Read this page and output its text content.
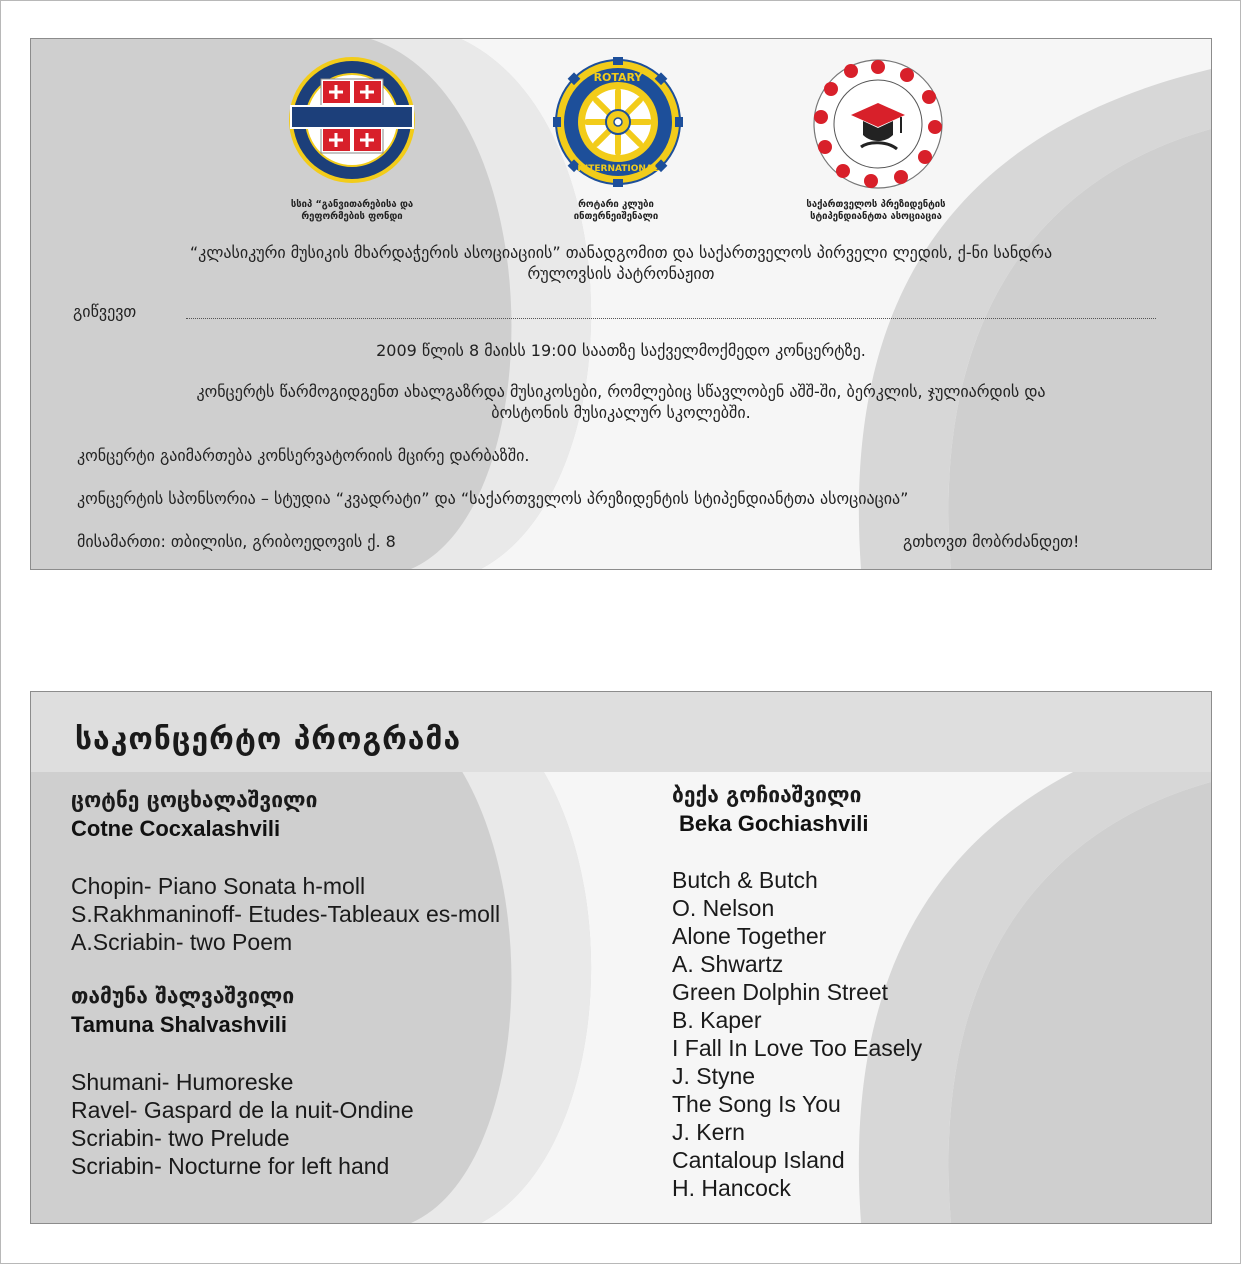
სსიპ “განვითარებისა და
რეფორმების ფონდი
ROTARY
INTERNATIONAL
როტარი კლუბი
ინთერნეიშენალი
საქართველოს პრეზიდენტის
სტიპენდიანტთა ასოციაცია
“კლასიკური მუსიკის მხარდაჭერის ასოციაციის” თანადგომით და საქართველოს პირველი ლედის, ქ-ნი სანდრა
რულოვსის პატრონაჟით
გიწვევთ
2009 წლის 8 მაისს 19:00 საათზე საქველმოქმედო კონცერტზე.
კონცერტს წარმოგიდგენთ ახალგაზრდა მუსიკოსები, რომლებიც სწავლობენ აშშ-ში, ბერკლის, ჯულიარდის და
ბოსტონის მუსიკალურ სკოლებში.
კონცერტი გაიმართება კონსერვატორიის მცირე დარბაზში.
კონცერტის სპონსორია – სტუდია “კვადრატი” და “საქართველოს პრეზიდენტის სტიპენდიანტთა ასოციაცია”
მისამართი: თბილისი, გრიბოედოვის ქ. 8	გთხოვთ მობრძანდეთ!
საკონცერტო პროგრამა
ცოტნე ცოცხალაშვილი
Cotne Cocxalashvili
Chopin- Piano Sonata h-moll
S.Rakhmaninoff- Etudes-Tableaux es-moll
A.Scriabin- two Poem
თამუნა შალვაშვილი
Tamuna Shalvashvili
Shumani- Humoreske
Ravel- Gaspard de la nuit-Ondine
Scriabin- two Prelude
Scriabin- Nocturne for left hand
ბექა გოჩიაშვილი
Beka Gochiashvili
Butch & Butch
O. Nelson
Alone Together
A. Shwartz
Green Dolphin Street
B. Kaper
I Fall In Love Too Easely
J. Styne
The Song Is You
J. Kern
Cantaloup Island
H. Hancock
